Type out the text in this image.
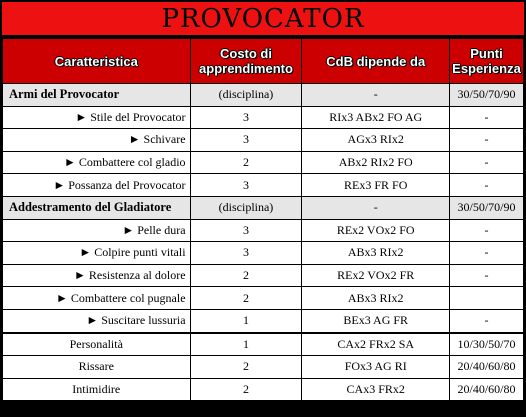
PROVOCATOR
Caratteristica	Costo di apprendimento	CdB dipende da	Punti Esperienza
Armi del Provocator	(disciplina)	-	30/50/70/90
► Stile del Provocator	3	RIx3 ABx2 FO AG	-
► Schivare	3	AGx3 RIx2	-
► Combattere col gladio	2	ABx2 RIx2 FO	-
► Possanza del Provocator	3	REx3 FR FO	-
Addestramento del Gladiatore	(disciplina)	-	30/50/70/90
► Pelle dura	3	REx2 VOx2 FO	-
► Colpire punti vitali	3	ABx3 RIx2	-
► Resistenza al dolore	2	REx2 VOx2 FR	-
► Combattere col pugnale	2	ABx3 RIx2	
► Suscitare lussuria	1	BEx3 AG FR	-
Personalità	1	CAx2 FRx2 SA	10/30/50/70
Rissare	2	FOx3 AG RI	20/40/60/80
Intimidire	2	CAx3 FRx2	20/40/60/80
